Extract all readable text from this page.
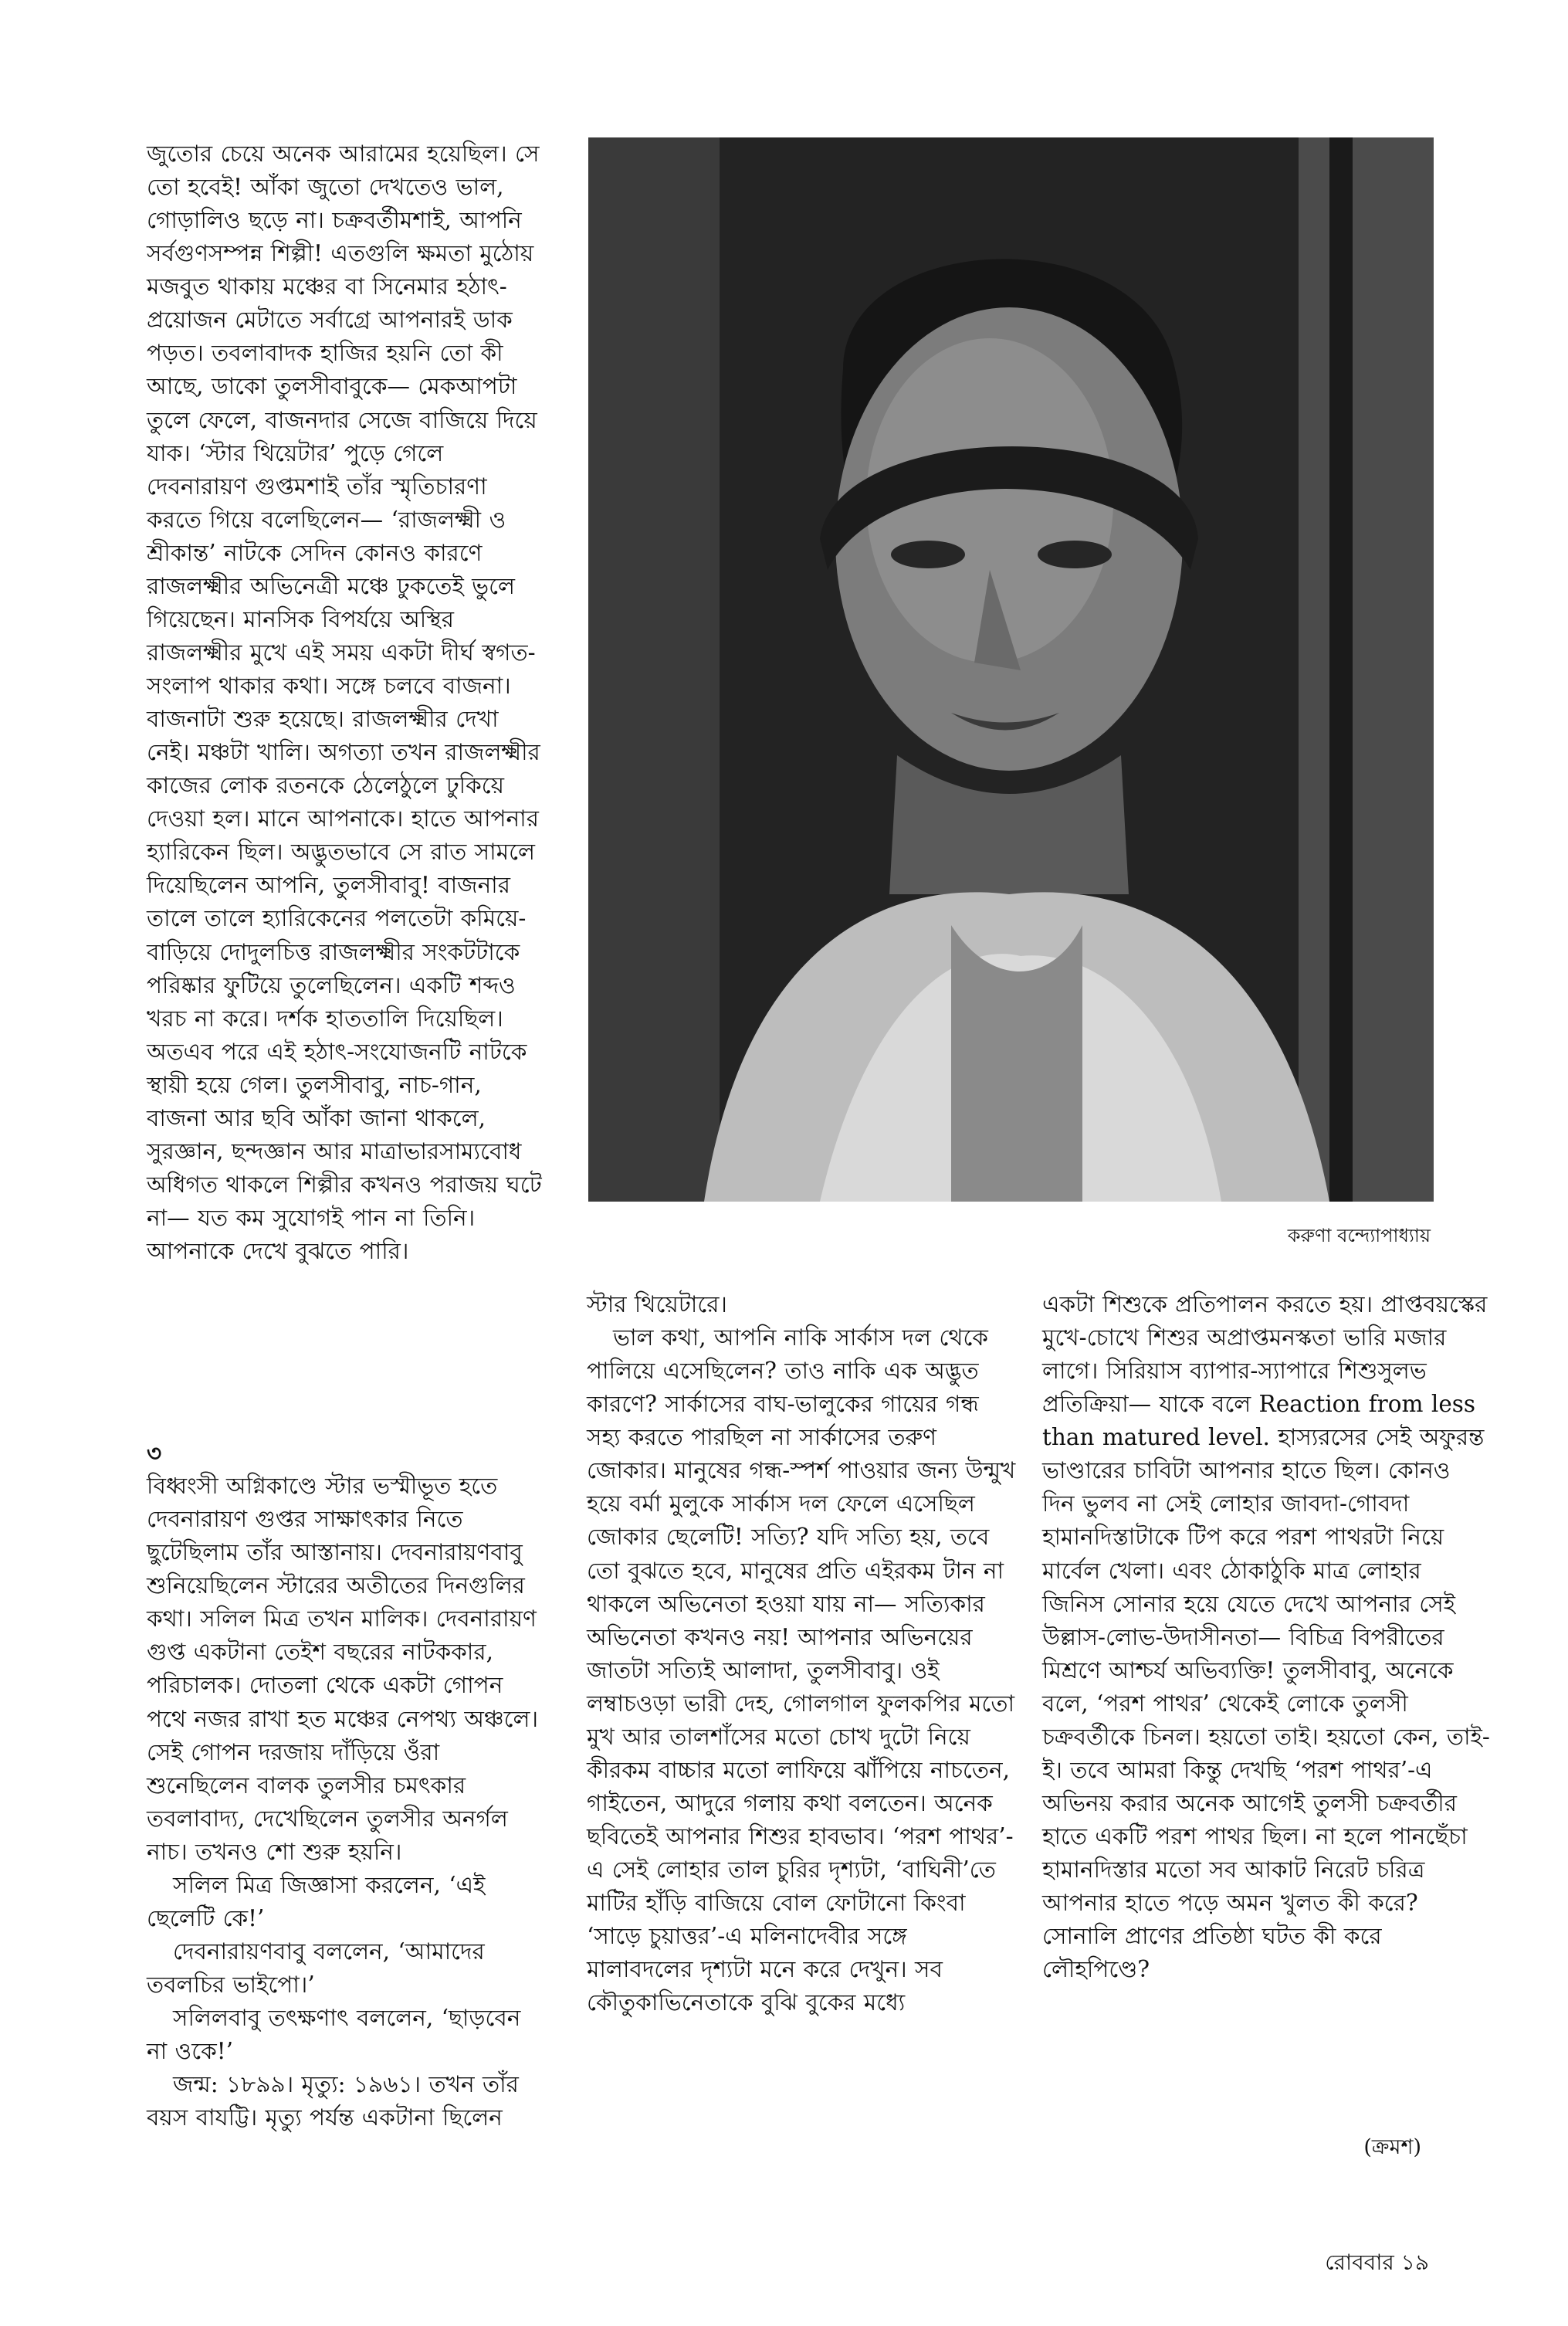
জুতোর চেয়ে অনেক আরামের হয়েছিল। সে তো হবেই! আঁকা জুতো দেখতেও ভাল, গোড়ালিও ছড়ে না। চক্রবর্তীমশাই, আপনি সর্বগুণসম্পন্ন শিল্পী! এতগুলি ক্ষমতা মুঠোয় মজবুত থাকায় মঞ্চের বা সিনেমার হঠাৎ-প্রয়োজন মেটাতে সর্বাগ্রে আপনারই ডাক পড়ত। তবলাবাদক হাজির হয়নি তো কী আছে, ডাকো তুলসীবাবুকে— মেকআপটা তুলে ফেলে, বাজনদার সেজে বাজিয়ে দিয়ে যাক। ‘স্টার থিয়েটার’ পুড়ে গেলে দেবনারায়ণ গুপ্তমশাই তাঁর স্মৃতিচারণা করতে গিয়ে বলেছিলেন— ‘রাজলক্ষ্মী ও শ্রীকান্ত’ নাটকে সেদিন কোনও কারণে রাজলক্ষ্মীর অভিনেত্রী মঞ্চে ঢুকতেই ভুলে গিয়েছেন। মানসিক বিপর্যয়ে অস্থির রাজলক্ষ্মীর মুখে এই সময় একটা দীর্ঘ স্বগত-সংলাপ থাকার কথা। সঙ্গে চলবে বাজনা। বাজনাটা শুরু হয়েছে। রাজলক্ষ্মীর দেখা নেই। মঞ্চটা খালি। অগত্যা তখন রাজলক্ষ্মীর কাজের লোক রতনকে ঠেলেঠুলে ঢুকিয়ে দেওয়া হল। মানে আপনাকে। হাতে আপনার হ্যারিকেন ছিল। অদ্ভুতভাবে সে রাত সামলে দিয়েছিলেন আপনি, তুলসীবাবু! বাজনার তালে তালে হ্যারিকেনের পলতেটা কমিয়ে-বাড়িয়ে দোদুলচিত্ত রাজলক্ষ্মীর সংকটটাকে পরিষ্কার ফুটিয়ে তুলেছিলেন। একটি শব্দও খরচ না করে। দর্শক হাততালি দিয়েছিল। অতএব পরে এই হঠাৎ-সংযোজনটি নাটকে স্থায়ী হয়ে গেল। তুলসীবাবু, নাচ-গান, বাজনা আর ছবি আঁকা জানা থাকলে, সুরজ্ঞান, ছন্দজ্ঞান আর মাত্রাভারসাম্যবোধ অধিগত থাকলে শিল্পীর কখনও পরাজয় ঘটে না— যত কম সুযোগই পান না তিনি। আপনাকে দেখে বুঝতে পারি।

৩

বিধ্বংসী অগ্নিকাণ্ডে স্টার ভস্মীভূত হতে দেবনারায়ণ গুপ্তর সাক্ষাৎকার নিতে ছুটেছিলাম তাঁর আস্তানায়। দেবনারায়ণবাবু শুনিয়েছিলেন স্টারের অতীতের দিনগুলির কথা। সলিল মিত্র তখন মালিক। দেবনারায়ণ গুপ্ত একটানা তেইশ বছরের নাটককার, পরিচালক। দোতলা থেকে একটা গোপন পথে নজর রাখা হত মঞ্চের নেপথ্য অঞ্চলে। সেই গোপন দরজায় দাঁড়িয়ে ওঁরা শুনেছিলেন বালক তুলসীর চমৎকার তবলাবাদ্য, দেখেছিলেন তুলসীর অনর্গল নাচ। তখনও শো শুরু হয়নি।

সলিল মিত্র জিজ্ঞাসা করলেন, ‘এই ছেলেটি কে!’

দেবনারায়ণবাবু বললেন, ‘আমাদের তবলচির ভাইপো।’

সলিলবাবু তৎক্ষণাৎ বললেন, ‘ছাড়বেন না ওকে!’

জন্ম: ১৮৯৯। মৃত্যু: ১৯৬১। তখন তাঁর বয়স বাযট্টি। মৃত্যু পর্যন্ত একটানা ছিলেন

করুণা বন্দ্যোপাধ্যায়

স্টার থিয়েটারে।

ভাল কথা, আপনি নাকি সার্কাস দল থেকে পালিয়ে এসেছিলেন? তাও নাকি এক অদ্ভুত কারণে? সার্কাসের বাঘ-ভালুকের গায়ের গন্ধ সহ্য করতে পারছিল না সার্কাসের তরুণ জোকার। মানুষের গন্ধ-স্পর্শ পাওয়ার জন্য উন্মুখ হয়ে বর্মা মুলুকে সার্কাস দল ফেলে এসেছিল জোকার ছেলেটি! সত্যি? যদি সত্যি হয়, তবে তো বুঝতে হবে, মানুষের প্রতি এইরকম টান না থাকলে অভিনেতা হওয়া যায় না— সত্যিকার অভিনেতা কখনও নয়! আপনার অভিনয়ের জাতটা সত্যিই আলাদা, তুলসীবাবু। ওই লম্বাচওড়া ভারী দেহ, গোলগাল ফুলকপির মতো মুখ আর তালশাঁসের মতো চোখ দুটো নিয়ে কীরকম বাচ্চার মতো লাফিয়ে ঝাঁপিয়ে নাচতেন, গাইতেন, আদুরে গলায় কথা বলতেন। অনেক ছবিতেই আপনার শিশুর হাবভাব। ‘পরশ পাথর’-এ সেই লোহার তাল চুরির দৃশ্যটা, ‘বাঘিনী’তে মাটির হাঁড়ি বাজিয়ে বোল ফোটানো কিংবা ‘সাড়ে চুয়াত্তর’-এ মলিনাদেবীর সঙ্গে মালাবদলের দৃশ্যটা মনে করে দেখুন। সব কৌতুকাভিনেতাকে বুঝি বুকের মধ্যে

একটা শিশুকে প্রতিপালন করতে হয়। প্রাপ্তবয়স্কের মুখে-চোখে শিশুর অপ্রাপ্তমনস্কতা ভারি মজার লাগে। সিরিয়াস ব্যাপার-স্যাপারে শিশুসুলভ প্রতিক্রিয়া— যাকে বলে Reaction from less than matured level. হাস্যরসের সেই অফুরন্ত ভাণ্ডারের চাবিটা আপনার হাতে ছিল। কোনও দিন ভুলব না সেই লোহার জাবদা-গোবদা হামানদিস্তাটাকে টিপ করে পরশ পাথরটা নিয়ে মার্বেল খেলা। এবং ঠোকাঠুকি মাত্র লোহার জিনিস সোনার হয়ে যেতে দেখে আপনার সেই উল্লাস-লোভ-উদাসীনতা— বিচিত্র বিপরীতের মিশ্রণে আশ্চর্য অভিব্যক্তি! তুলসীবাবু, অনেকে বলে, ‘পরশ পাথর’ থেকেই লোকে তুলসী চক্রবর্তীকে চিনল। হয়তো তাই। হয়তো কেন, তাই-ই। তবে আমরা কিন্তু দেখছি ‘পরশ পাথর’-এ অভিনয় করার অনেক আগেই তুলসী চক্রবর্তীর হাতে একটি পরশ পাথর ছিল। না হলে পানছেঁচা হামানদিস্তার মতো সব আকাট নিরেট চরিত্র আপনার হাতে পড়ে অমন খুলত কী করে? সোনালি প্রাণের প্রতিষ্ঠা ঘটত কী করে লৌহপিণ্ডে?

(ক্রমশ)
রোববার ১৯
